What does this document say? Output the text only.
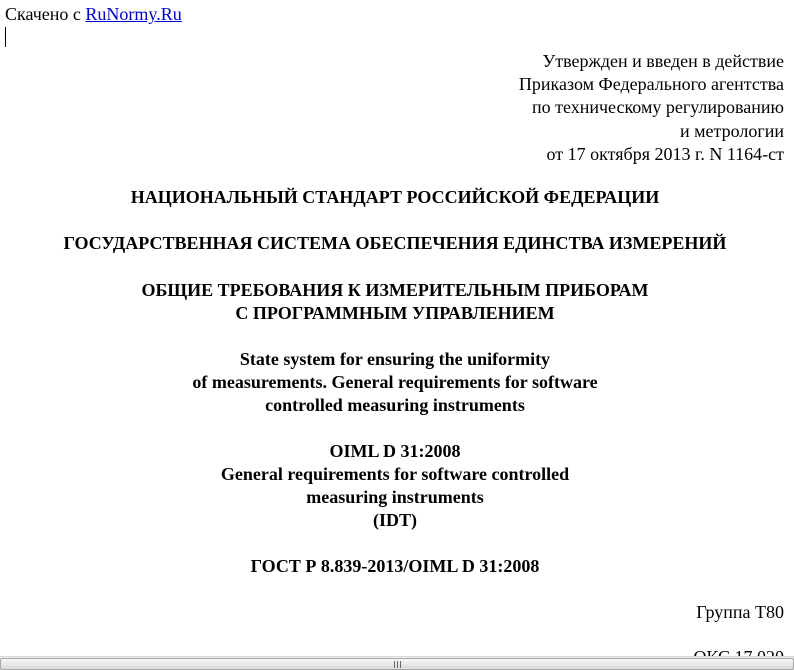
Скачено с RuNormy.Ru
Утвержден и введен в действие
Приказом Федерального агентства
по техническому регулированию
и метрологии
от 17 октября 2013 г. N 1164-ст
НАЦИОНАЛЬНЫЙ СТАНДАРТ РОССИЙСКОЙ ФЕДЕРАЦИИ
ГОСУДАРСТВЕННАЯ СИСТЕМА ОБЕСПЕЧЕНИЯ ЕДИНСТВА ИЗМЕРЕНИЙ
ОБЩИЕ ТРЕБОВАНИЯ К ИЗМЕРИТЕЛЬНЫМ ПРИБОРАМ
С ПРОГРАММНЫМ УПРАВЛЕНИЕМ
State system for ensuring the uniformity
of measurements. General requirements for software
controlled measuring instruments
OIML D 31:2008
General requirements for software controlled
measuring instruments
(IDT)
ГОСТ Р 8.839-2013/OIML D 31:2008
Группа Т80
